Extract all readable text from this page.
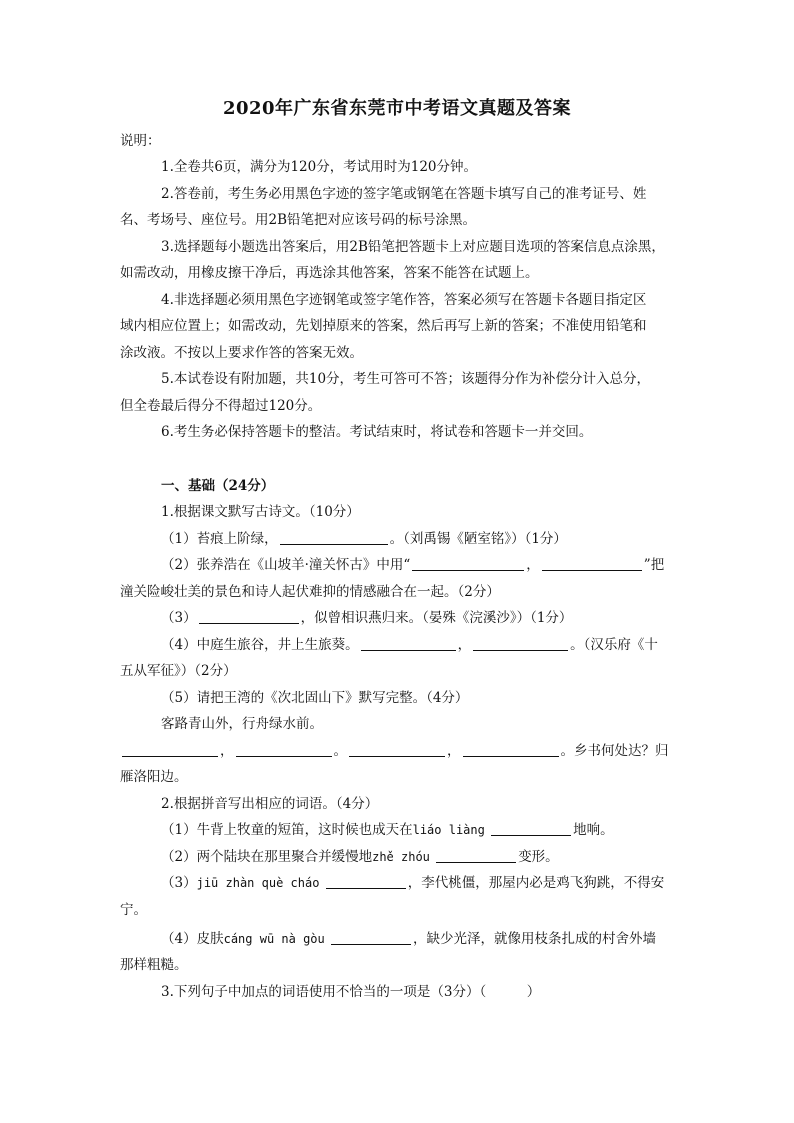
2020年广东省东莞市中考语文真题及答案
说明：
1.全卷共6页，满分为120分，考试用时为120分钟。
2.答卷前，考生务必用黑色字迹的签字笔或钢笔在答题卡填写自己的准考证号、姓
名、考场号、座位号。用2B铅笔把对应该号码的标号涂黑。
3.选择题每小题选出答案后，用2B铅笔把答题卡上对应题目选项的答案信息点涂黑，
如需改动，用橡皮擦干净后，再选涂其他答案，答案不能答在试题上。
4.非选择题必须用黑色字迹钢笔或签字笔作答，答案必须写在答题卡各题目指定区
域内相应位置上；如需改动，先划掉原来的答案，然后再写上新的答案；不准使用铅笔和
涂改液。不按以上要求作答的答案无效。
5.本试卷设有附加题，共10分，考生可答可不答；该题得分作为补偿分计入总分，
但全卷最后得分不得超过120分。
6.考生务必保持答题卡的整洁。考试结束时，将试卷和答题卡一并交回。
一、基础（24分）
1.根据课文默写古诗文。（10分）
（1）苔痕上阶绿，	。（刘禹锡《陋室铭》）（1分）
（2）张养浩在《山坡羊·潼关怀古》中用“	，	”把
潼关险峻壮美的景色和诗人起伏难抑的情感融合在一起。（2分）
（3）	，似曾相识燕归来。（晏殊《浣溪沙》）（1分）
（4）中庭生旅谷，井上生旅葵。	，	。（汉乐府《十
五从军征》）（2分）
（5）请把王湾的《次北固山下》默写完整。（4分）
客路青山外，行舟绿水前。
，	。	，	。乡书何处达？归
雁洛阳边。
2.根据拼音写出相应的词语。（4分）
（1）牛背上牧童的短笛，这时候也成天在liáo liàng	地响。
（2）两个陆块在那里聚合并缓慢地zhě zhóu	变形。
（3）jiū zhàn què cháo	，李代桃僵，那屋内必是鸡飞狗跳，不得安
宁。
（4）皮肤cáng wū nà gòu	，缺少光泽，就像用枝条扎成的村舍外墙
那样粗糙。
3.下列句子中加点的词语使用不恰当的一项是（3分）（　　　）
